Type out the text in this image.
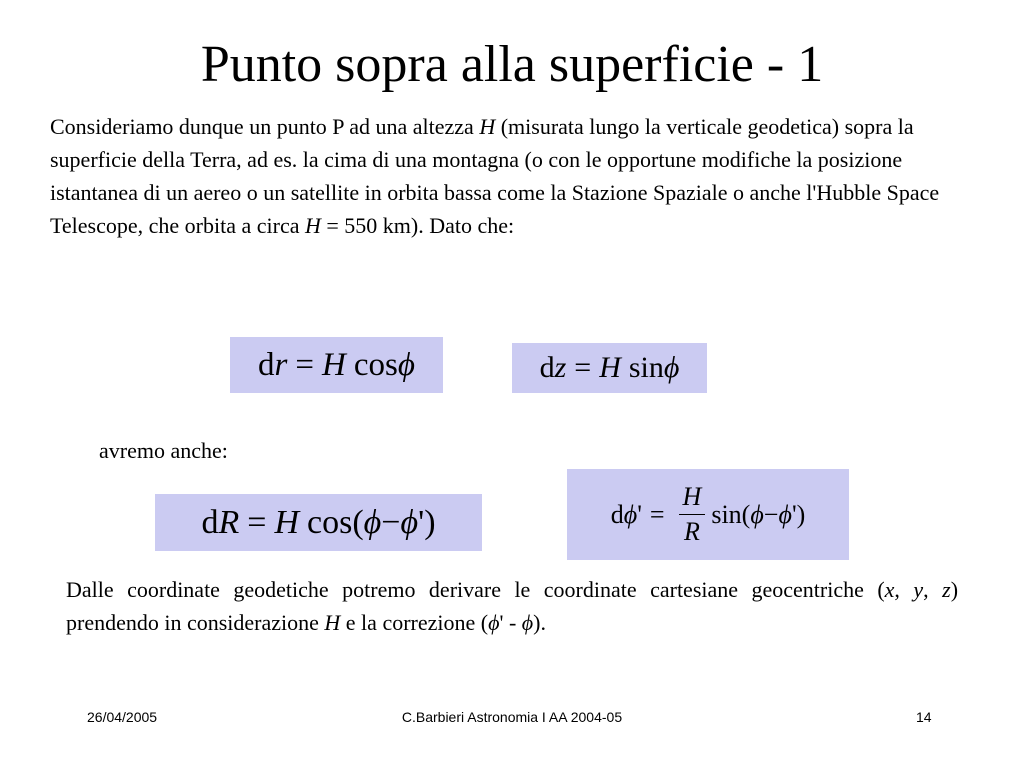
Punto sopra alla superficie - 1
Consideriamo dunque un punto P ad una altezza H (misurata lungo la verticale geodetica) sopra la superficie della Terra, ad es. la cima di una montagna (o con le opportune modifiche la posizione istantanea di un aereo o un satellite in orbita bassa come la Stazione Spaziale o anche l'Hubble Space Telescope, che orbita a circa H = 550 km). Dato che:
d r = H cos ϕ	d z = H sin ϕ
avremo anche:
d R = H cos( ϕ − ϕ ')	d ϕ ' = $\frac{H}{R} \sin$( ϕ − ϕ ')
Dalle coordinate geodetiche potremo derivare le coordinate cartesiane geocentriche (x, y, z) prendendo in considerazione H e la correzione (ϕ' - ϕ).
26/04/2005	C.Barbieri Astronomia I AA 2004-05	14
